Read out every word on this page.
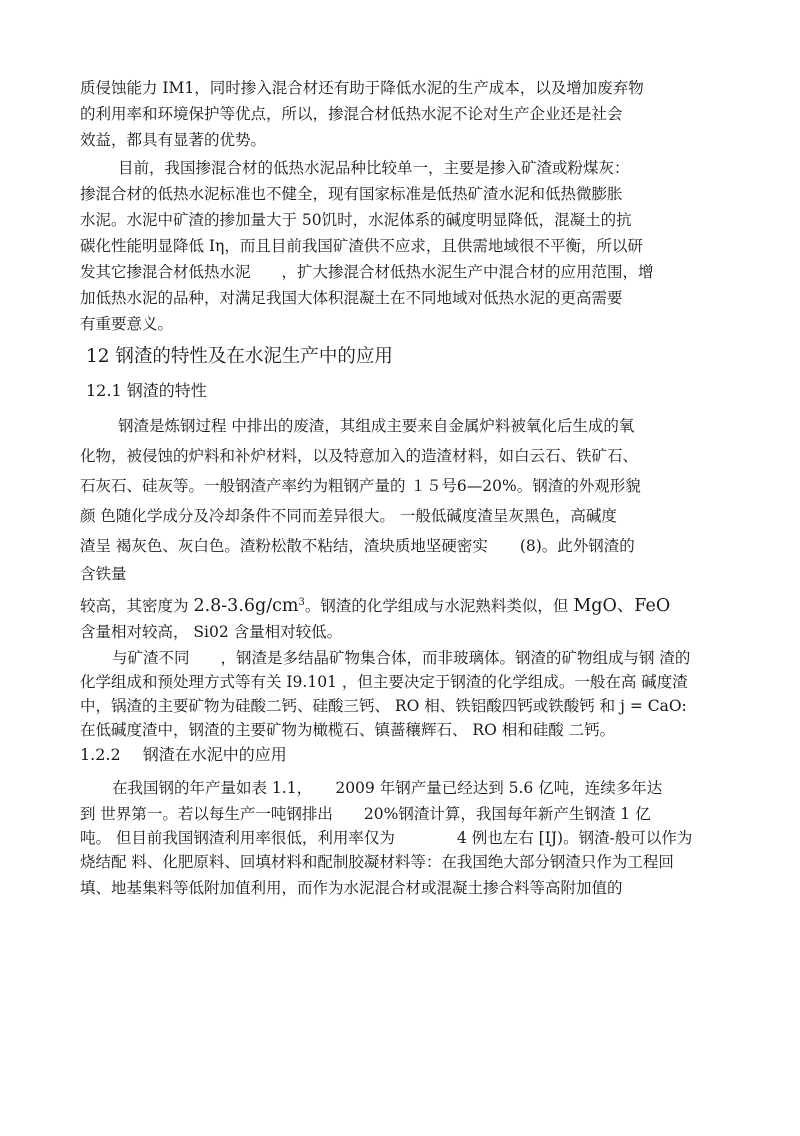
质侵蚀能力 IM1，同时掺入混合材还有助于降低水泥的生产成本，以及增加废弃物
的利用率和环境保护等优点，所以，掺混合材低热水泥不论对生产企业还是社会
效益，都具有显著的优势。
目前，我国掺混合材的低热水泥品种比较单一，主要是掺入矿渣或粉煤灰：
掺混合材的低热水泥标准也不健全，现有国家标准是低热矿渣水泥和低热微膨胀
水泥。水泥中矿渣的掺加量大于 50饥时，水泥体系的碱度明显降低，混凝土的抗
碳化性能明显降低 Iη，而且目前我国矿渣供不应求，且供需地域很不平衡，所以研
发其它掺混合材低热水泥　　，扩大掺混合材低热水泥生产中混合材的应用范围，增
加低热水泥的品种，对满足我国大体积混凝土在不同地域对低热水泥的更高需要
有重要意义。
12 钢渣的特性及在水泥生产中的应用
12.1 钢渣的特性
钢渣是炼钢过程 中排出的废渣，其组成主要来自金属炉料被氧化后生成的氧
化物，被侵蚀的炉料和补炉材料，以及特意加入的造渣材料，如白云石、铁矿石、
石灰石、硅灰等。一般钢渣产率约为粗钢产量的 １５号6—20%。钢渣的外观形貌
颜 色随化学成分及冷却条件不同而差异很大。 一般低碱度渣呈灰黑色，高碱度
渣呈 褐灰色、灰白色。渣粉松散不粘结，渣块质地坚硬密实 (8)。此外钢渣的
含铁量
较高，其密度为 $2.8-3.6g/cm^3$。钢渣的化学组成与水泥熟料类似，但 MgO、FeO
含量相对较高， Si02 含量相对较低。
与矿渣不同　　，钢渣是多结晶矿物集合体，而非玻璃体。钢渣的矿物组成与钢 渣的
化学组成和预处理方式等有关 I9.101 ，但主要决定于钢渣的化学组成。一般在高 碱度渣
中，锅渣的主要矿物为硅酸二钙、硅酸三钙、 RO 相、铁铝酸四钙或铁酸钙 和 j = CaO:
在低碱度渣中，钢渣的主要矿物为橄榄石、镇蔷穰辉石、 RO 相和硅酸 二钙。
1.2.2 钢渣在水泥中的应用
在我国钢的年产量如表 1.1，　　2009 年钢产量已经达到 5.6 亿吨，连续多年达
到 世界第一。若以每生产一吨钢排出　　20%钢渣计算，我国每年新产生钢渣 1 亿
吨。 但目前我国钢渣利用率很低，利用率仅为　　　　4 例也左右 [IJ)。钢渣-般可以作为
烧结配 料、化肥原料、回填材料和配制胶凝材料等：在我国绝大部分钢渣只作为工程回
填、地基集料等低附加值利用，而作为水泥混合材或混凝土掺合料等高附加值的
